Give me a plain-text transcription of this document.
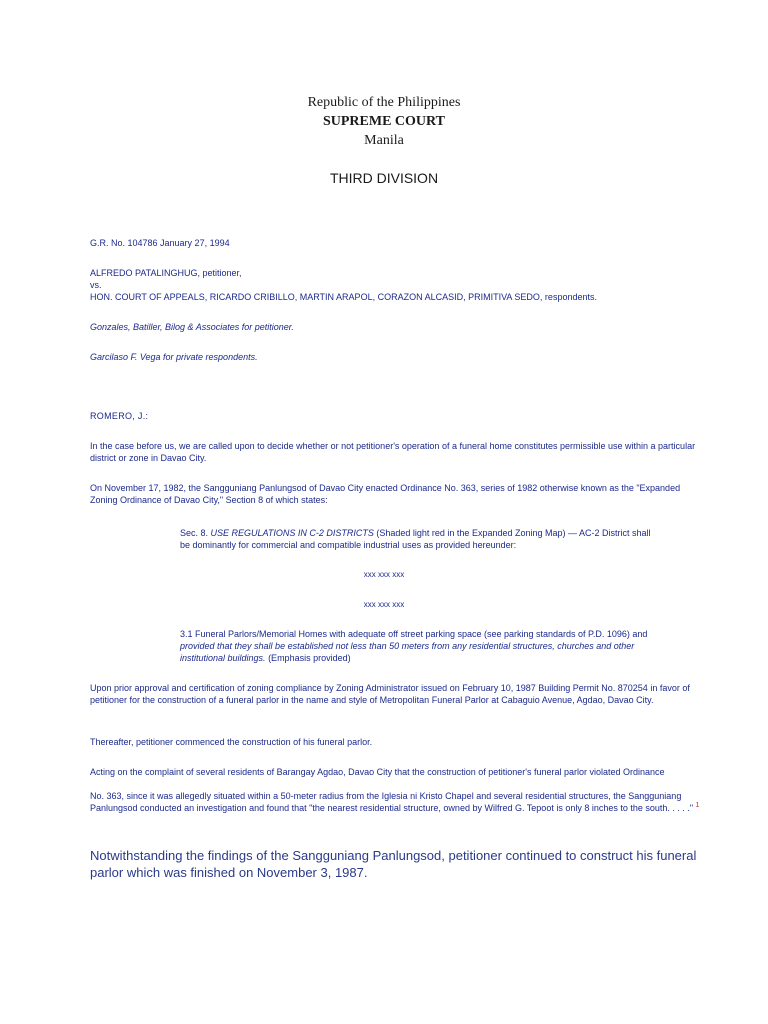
Republic of the Philippines

SUPREME COURT

Manila

THIRD DIVISION

G.R. No. 104786 January 27, 1994

ALFREDO PATALINGHUG, petitioner,

vs.

HON. COURT OF APPEALS, RICARDO CRIBILLO, MARTIN ARAPOL, CORAZON ALCASID, PRIMITIVA SEDO, respondents.

Gonzales, Batiller, Bilog & Associates for petitioner.

Garcilaso F. Vega for private respondents.

ROMERO, J.:

In the case before us, we are called upon to decide whether or not petitioner's operation of a funeral home constitutes permissible use within a particular district or zone in Davao City.

On November 17, 1982, the Sangguniang Panlungsod of Davao City enacted Ordinance No. 363, series of 1982 otherwise known as the "Expanded Zoning Ordinance of Davao City," Section 8 of which states:

Sec. 8. USE REGULATIONS IN C-2 DISTRICTS (Shaded light red in the Expanded Zoning Map) — AC-2 District shall be dominantly for commercial and compatible industrial uses as provided hereunder:

xxx xxx xxx

xxx xxx xxx

3.1 Funeral Parlors/Memorial Homes with adequate off street parking space (see parking standards of P.D. 1096) and provided that they shall be established not less than 50 meters from any residential structures, churches and other institutional buildings. (Emphasis provided)

Upon prior approval and certification of zoning compliance by Zoning Administrator issued on February 10, 1987 Building Permit No. 870254 in favor of petitioner for the construction of a funeral parlor in the name and style of Metropolitan Funeral Parlor at Cabaguio Avenue, Agdao, Davao City.

Thereafter, petitioner commenced the construction of his funeral parlor.

Acting on the complaint of several residents of Barangay Agdao, Davao City that the construction of petitioner's funeral parlor violated Ordinance

No. 363, since it was allegedly situated within a 50-meter radius from the Iglesia ni Kristo Chapel and several residential structures, the Sangguniang Panlungsod conducted an investigation and found that "the nearest residential structure, owned by Wilfred G. Tepoot is only 8 inches to the south. . . . ." $^1$

Notwithstanding the findings of the Sangguniang Panlungsod, petitioner continued to construct his funeral parlor which was finished on November 3, 1987.
